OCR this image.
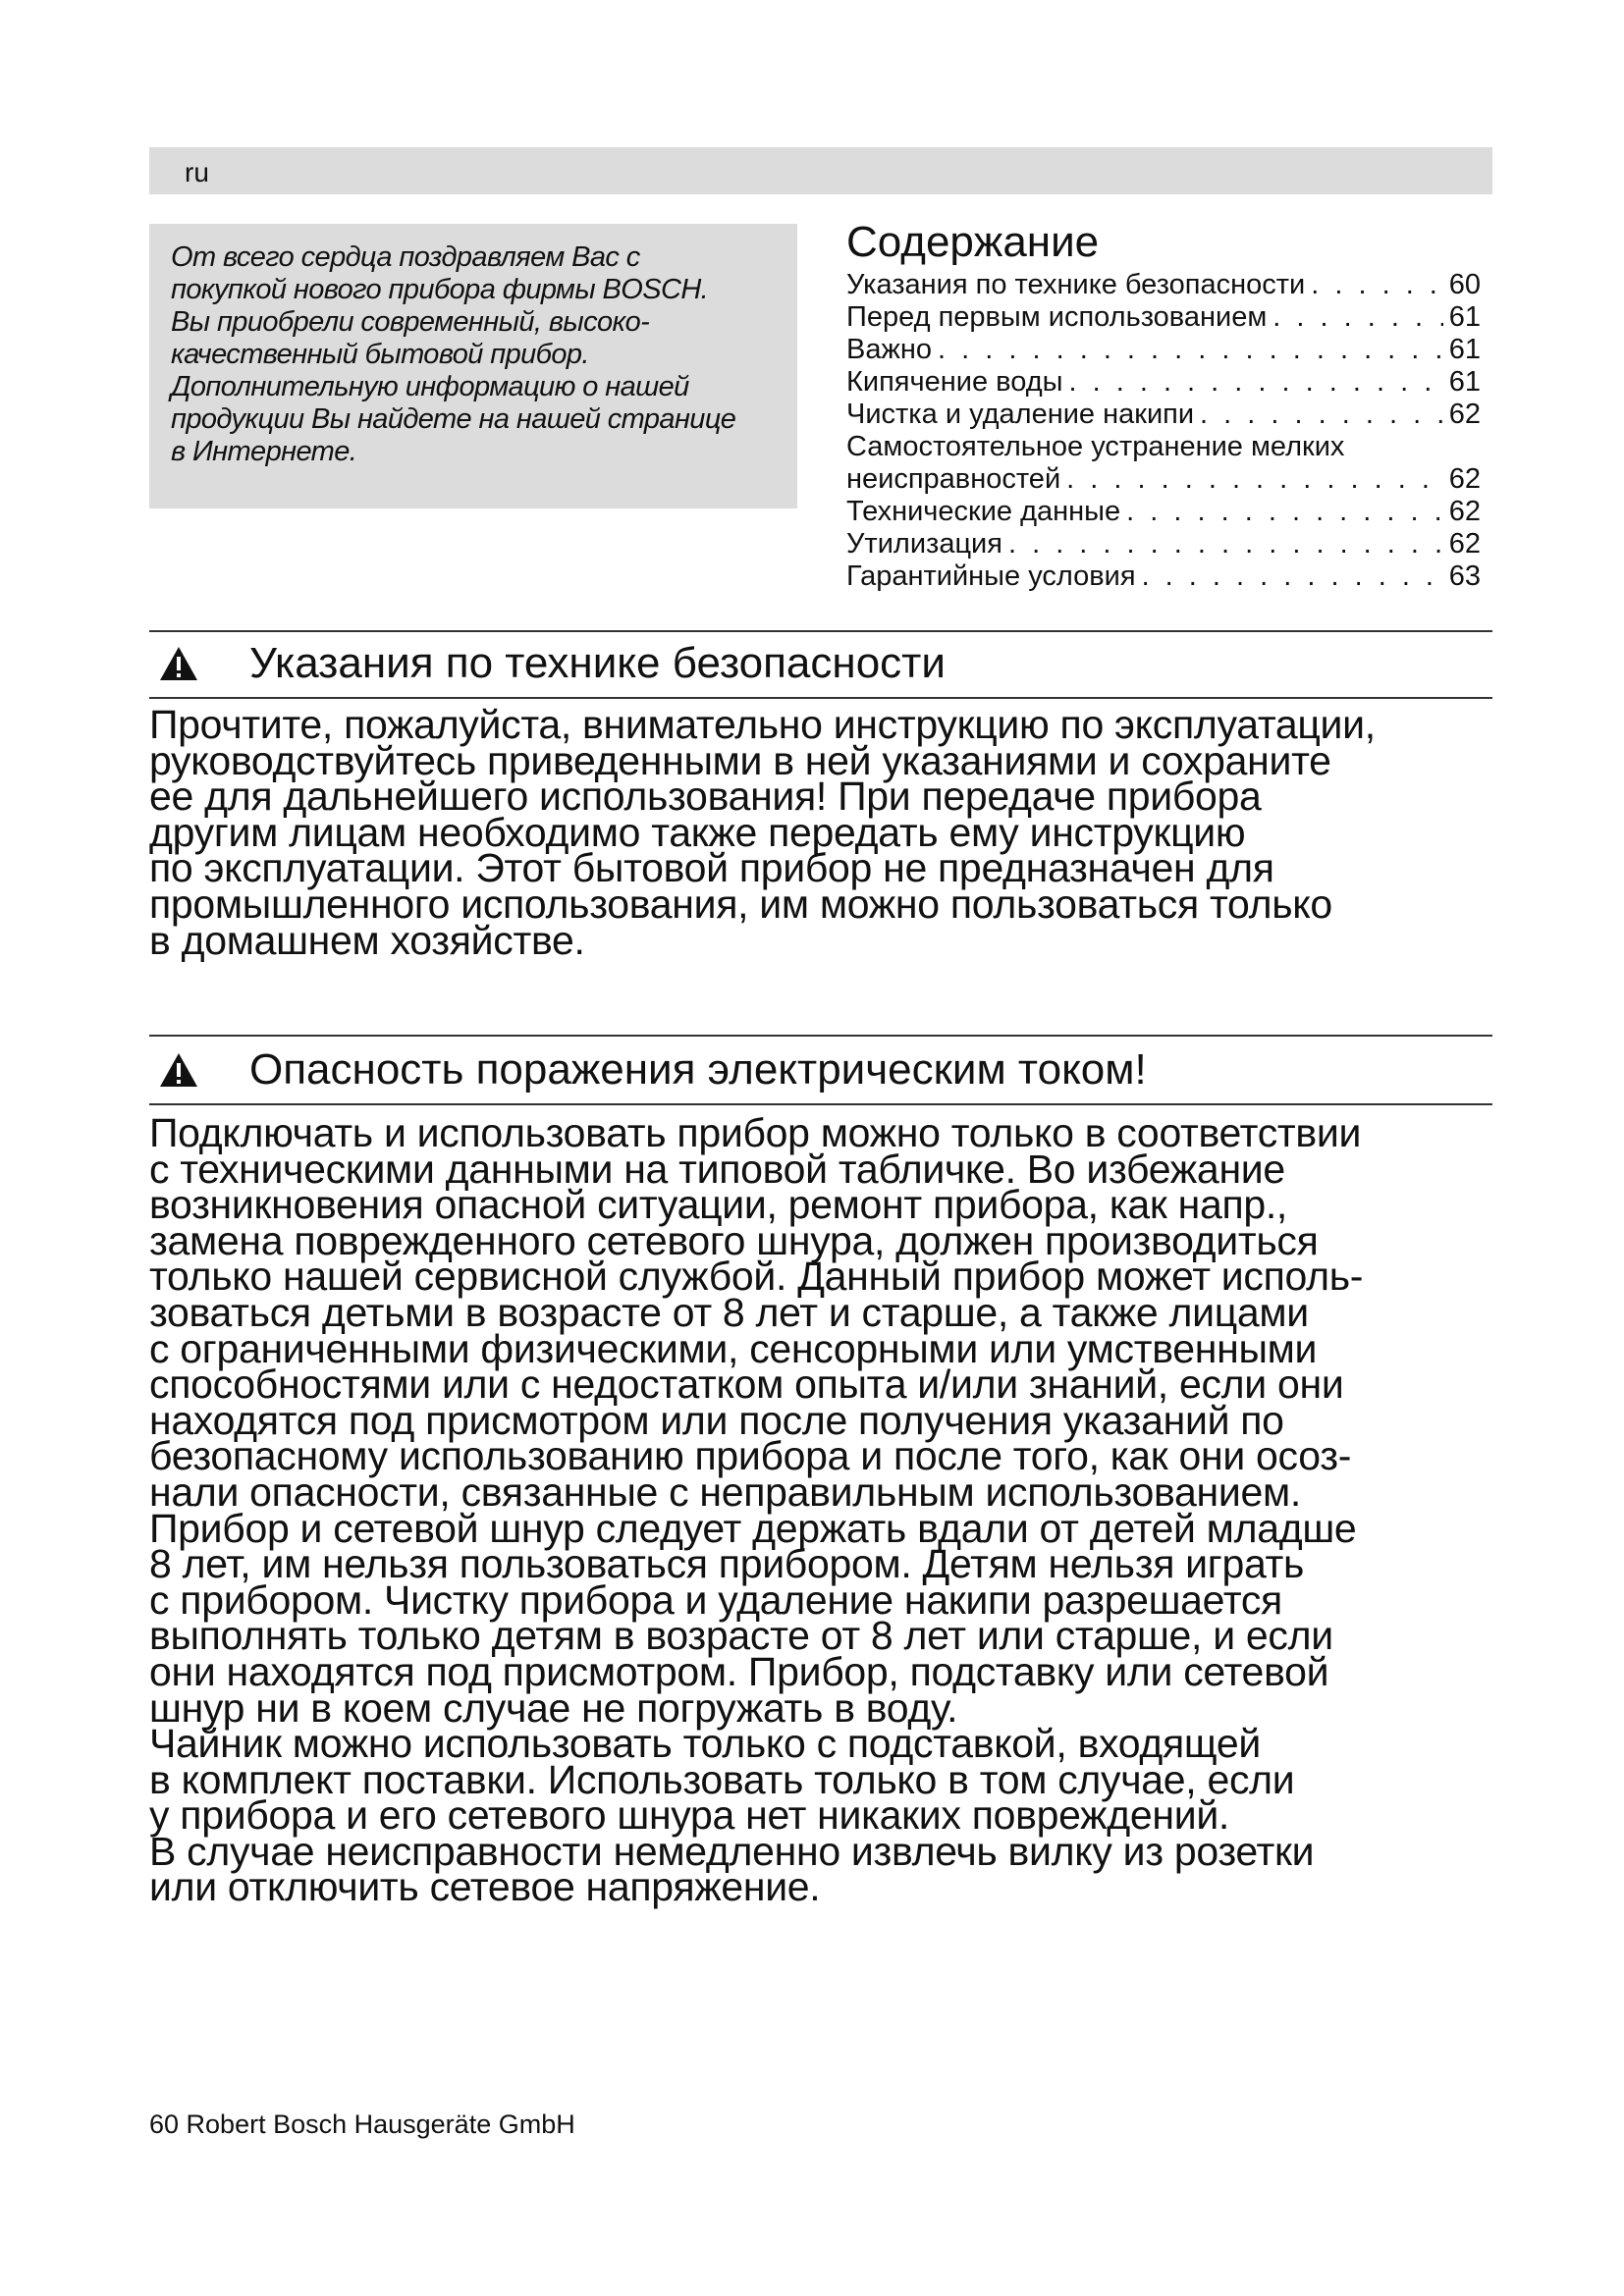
ru
От всего сердца поздравляем Вас с
покупкой нового прибора фирмы BOSCH.
Вы приобрели современный, высоко-
качественный бытовой прибор.
Дополнительную информацию о нашей
продукции Вы найдете на нашей странице
в Интернете.
Содержание
Указания по технике безопасности . . .	60
Перед первым использованием . . .	61
Важно . . .	61
Кипячение воды . . .	61
Чистка и удаление накипи . . .	62
Самостоятельное устранение мелких
неисправностей . . .	62
Технические данные . . .	62
Утилизация . . .	62
Гарантийные условия . . .	63
Указания по технике безопасности
Прочтите, пожалуйста, внимательно инструкцию по эксплуатации,
руководствуйтесь приведенными в ней указаниями и сохраните
ее для дальнейшего использования! При передаче прибора
другим лицам необходимо также передать ему инструкцию
по эксплуатации. Этот бытовой прибор не предназначен для
промышленного использования, им можно пользоваться только
в домашнем хозяйстве.
Опасность поражения электрическим током!
Подключать и использовать прибор можно только в соответствии
с техническими данными на типовой табличке. Во избежание
возникновения опасной ситуации, ремонт прибора, как напр.,
замена поврежденного сетевого шнура, должен производиться
только нашей сервисной службой. Данный прибор может исполь-
зоваться детьми в возрасте от 8 лет и старше, а также лицами
с ограниченными физическими, сенсорными или умственными
способностями или с недостатком опыта и/или знаний, если они
находятся под присмотром или после получения указаний по
безопасному использованию прибора и после того, как они осоз-
нали опасности, связанные с неправильным использованием.
Прибор и сетевой шнур следует держать вдали от детей младше
8 лет, им нельзя пользоваться прибором. Детям нельзя играть
с прибором. Чистку прибора и удаление накипи разрешается
выполнять только детям в возрасте от 8 лет или старше, и если
они находятся под присмотром. Прибор, подставку или сетевой
шнур ни в коем случае не погружать в воду.
Чайник можно использовать только с подставкой, входящей
в комплект поставки. Использовать только в том случае, если
у прибора и его сетевого шнура нет никаких повреждений.
В случае неисправности немедленно извлечь вилку из розетки
или отключить сетевое напряжение.
60 Robert Bosch Hausgeräte GmbH
